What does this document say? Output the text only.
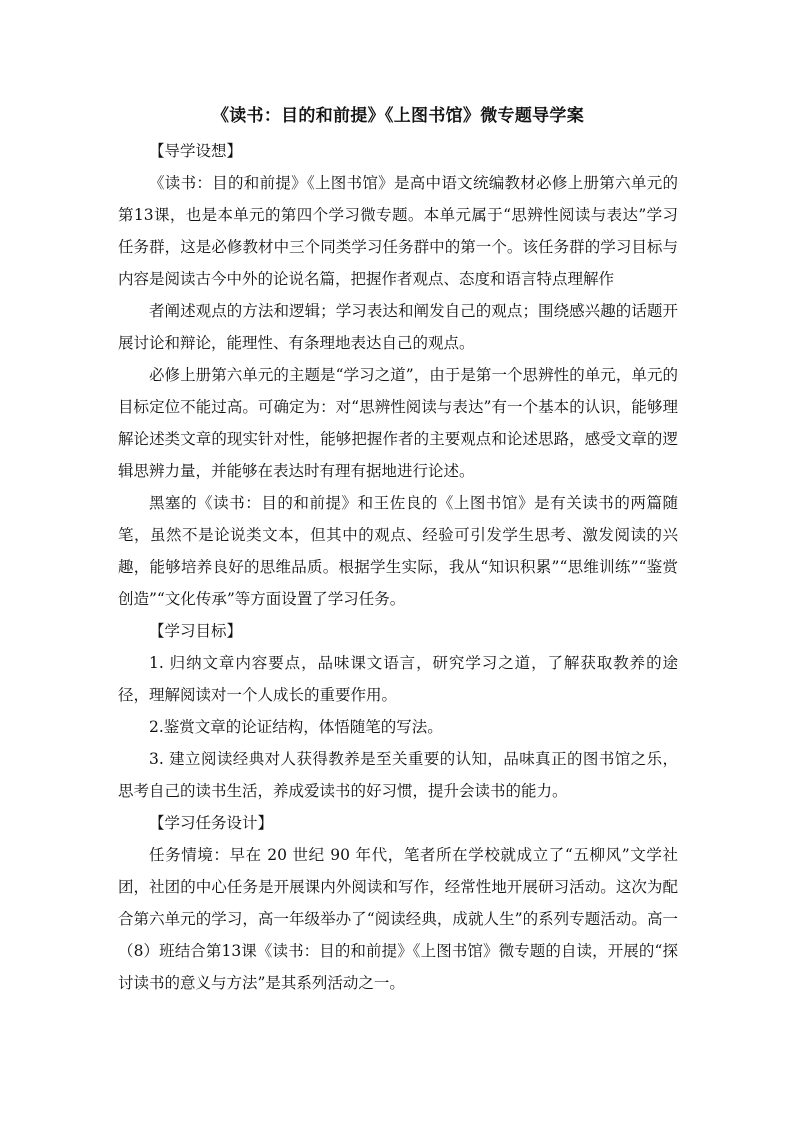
《读书：目的和前提》《上图书馆》微专题导学案
【导学设想】

《读书：目的和前提》《上图书馆》是高中语文统编教材必修上册第六单元的第13课，也是本单元的第四个学习微专题。本单元属于“思辨性阅读与表达”学习任务群，这是必修教材中三个同类学习任务群中的第一个。该任务群的学习目标与内容是阅读古今中外的论说名篇，把握作者观点、态度和语言特点理解作

者阐述观点的方法和逻辑；学习表达和阐发自己的观点；围绕感兴趣的话题开展讨论和辩论，能理性、有条理地表达自己的观点。

必修上册第六单元的主题是“学习之道”，由于是第一个思辨性的单元，单元的目标定位不能过高。可确定为：对“思辨性阅读与表达”有一个基本的认识，能够理解论述类文章的现实针对性，能够把握作者的主要观点和论述思路，感受文章的逻辑思辨力量，并能够在表达时有理有据地进行论述。

黑塞的《读书：目的和前提》和王佐良的《上图书馆》是有关读书的两篇随笔，虽然不是论说类文本，但其中的观点、经验可引发学生思考、激发阅读的兴趣，能够培养良好的思维品质。根据学生实际，我从“知识积累”“思维训练”“鉴赏创造”“文化传承”等方面设置了学习任务。

【学习目标】

1. 归纳文章内容要点，品味课文语言，研究学习之道，了解获取教养的途径，理解阅读对一个人成长的重要作用。

2.鉴赏文章的论证结构，体悟随笔的写法。

3. 建立阅读经典对人获得教养是至关重要的认知，品味真正的图书馆之乐，思考自己的读书生活，养成爱读书的好习惯，提升会读书的能力。

【学习任务设计】

任务情境：早在 20 世纪 90 年代，笔者所在学校就成立了“五柳风”文学社团，社团的中心任务是开展课内外阅读和写作，经常性地开展研习活动。这次为配合第六单元的学习，高一年级举办了“阅读经典，成就人生”的系列专题活动。高一（8）班结合第13课《读书：目的和前提》《上图书馆》微专题的自读，开展的“探讨读书的意义与方法”是其系列活动之一。
